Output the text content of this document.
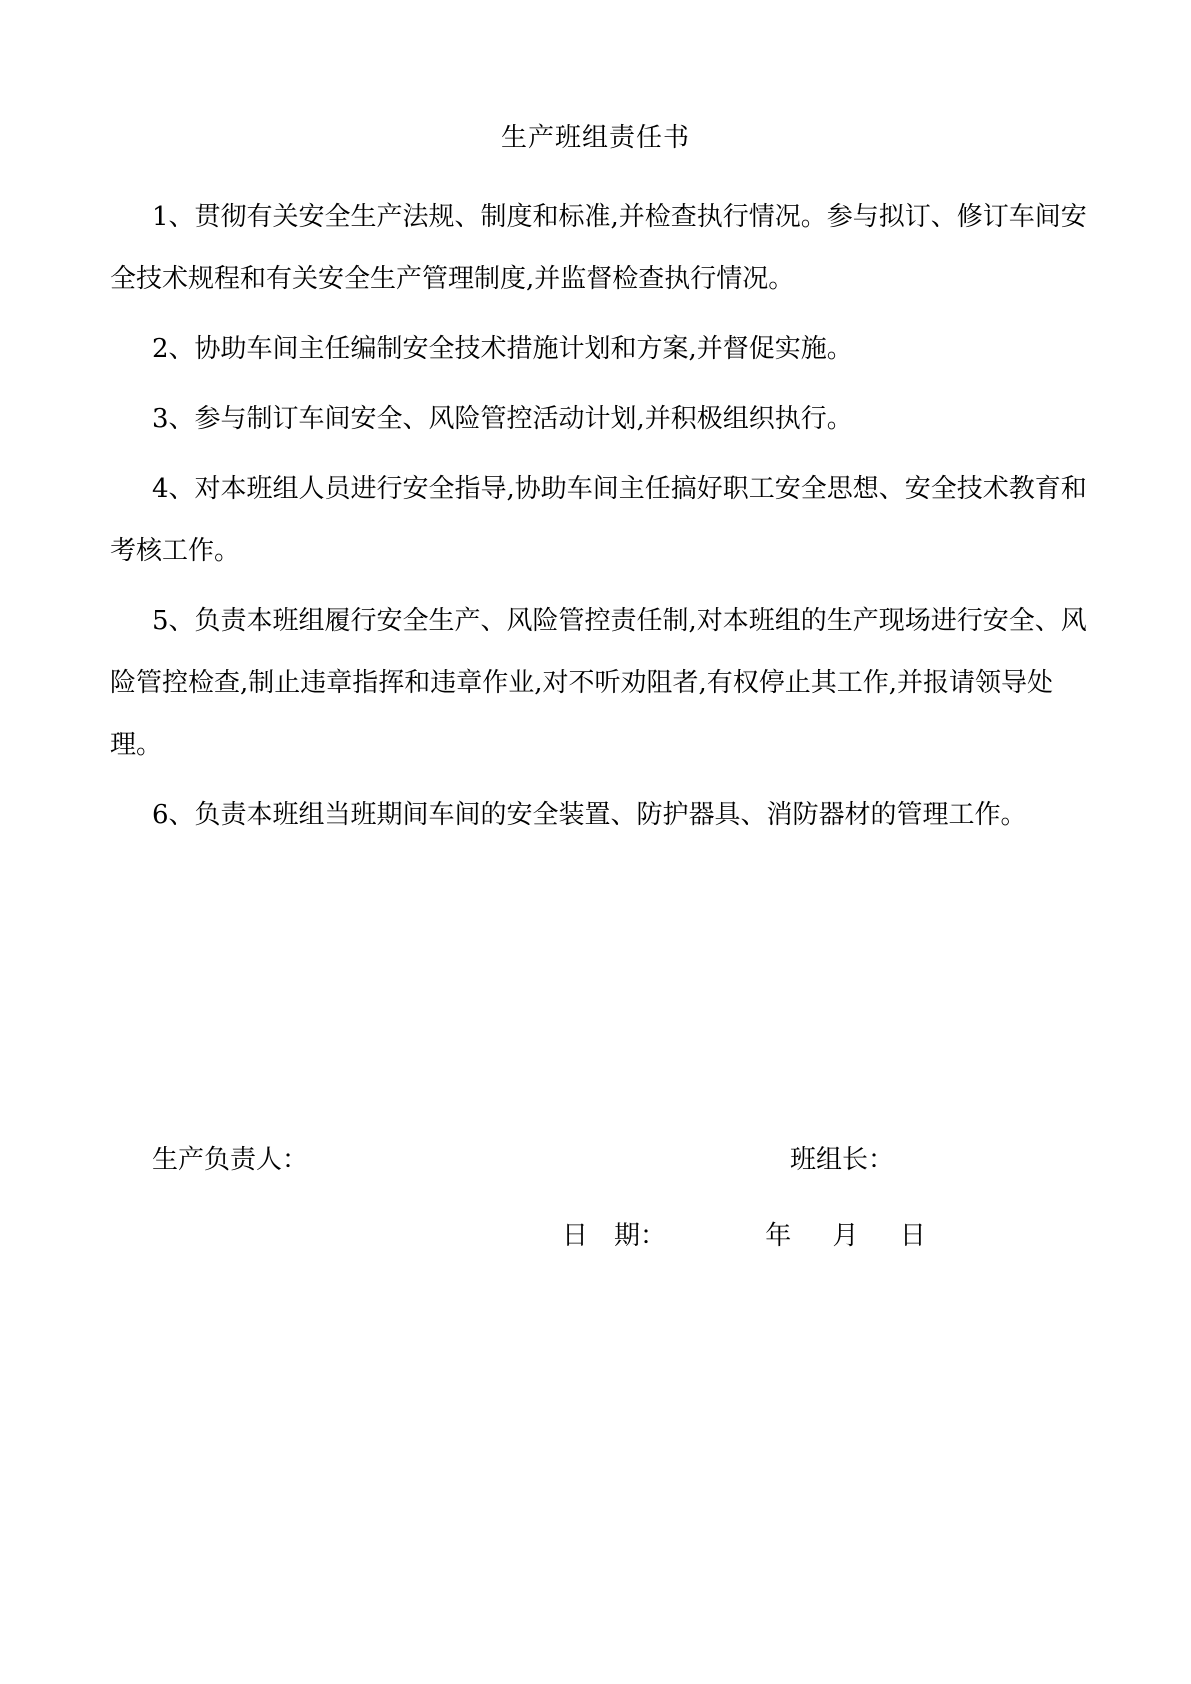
生产班组责任书

1、贯彻有关安全生产法规、制度和标准,并检查执行情况。参与拟订、修订车间安全技术规程和有关安全生产管理制度,并监督检查执行情况。

2、协助车间主任编制安全技术措施计划和方案,并督促实施。

3、参与制订车间安全、风险管控活动计划,并积极组织执行。

4、对本班组人员进行安全指导,协助车间主任搞好职工安全思想、安全技术教育和考核工作。

5、负责本班组履行安全生产、风险管控责任制,对本班组的生产现场进行安全、风险管控检查,制止违章指挥和违章作业,对不听劝阻者,有权停止其工作,并报请领导处理。

6、负责本班组当班期间车间的安全装置、防护器具、消防器材的管理工作。

生产负责人：	班组长：
日　期：	年 月 日
